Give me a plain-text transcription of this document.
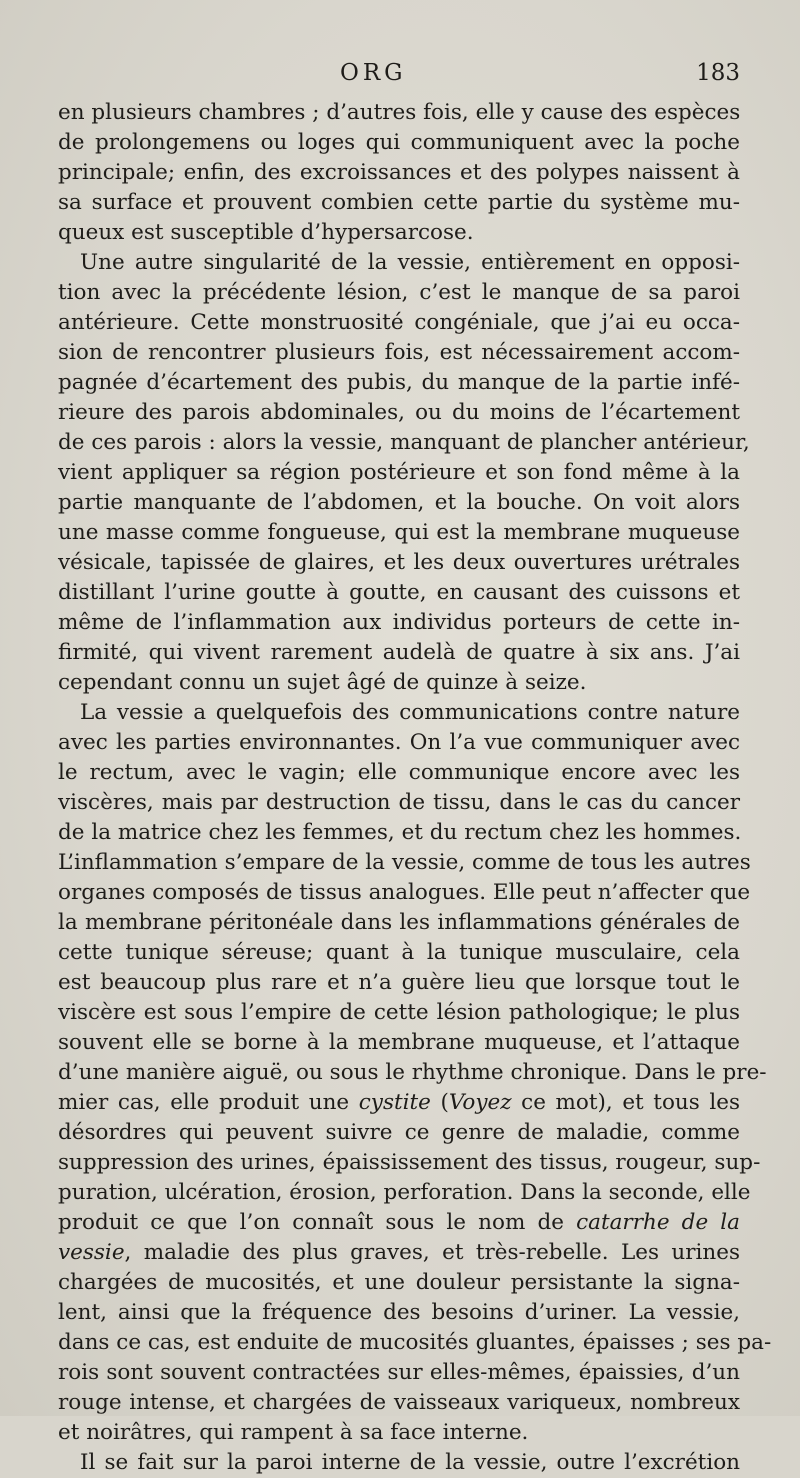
ORG	183
en plusieurs chambres ; d’autres fois, elle y cause des espèces
de prolongemens ou loges qui communiquent avec la poche
principale; enfin, des excroissances et des polypes naissent à
sa surface et prouvent combien cette partie du système mu-
queux est susceptible d’hypersarcose.
Une autre singularité de la vessie, entièrement en opposi-
tion avec la précédente lésion, c’est le manque de sa paroi
antérieure. Cette monstruosité congéniale, que j’ai eu occa-
sion de rencontrer plusieurs fois, est nécessairement accom-
pagnée d’écartement des pubis, du manque de la partie infé-
rieure des parois abdominales, ou du moins de l’écartement
de ces parois : alors la vessie, manquant de plancher antérieur,
vient appliquer sa région postérieure et son fond même à la
partie manquante de l’abdomen, et la bouche. On voit alors
une masse comme fongueuse, qui est la membrane muqueuse
vésicale, tapissée de glaires, et les deux ouvertures urétrales
distillant l’urine goutte à goutte, en causant des cuissons et
même de l’inflammation aux individus porteurs de cette in-
firmité, qui vivent rarement audelà de quatre à six ans. J’ai
cependant connu un sujet âgé de quinze à seize.
La vessie a quelquefois des communications contre nature
avec les parties environnantes. On l’a vue communiquer avec
le rectum, avec le vagin; elle communique encore avec les
viscères, mais par destruction de tissu, dans le cas du cancer
de la matrice chez les femmes, et du rectum chez les hommes.
L’inflammation s’empare de la vessie, comme de tous les autres
organes composés de tissus analogues. Elle peut n’affecter que
la membrane péritonéale dans les inflammations générales de
cette tunique séreuse; quant à la tunique musculaire, cela
est beaucoup plus rare et n’a guère lieu que lorsque tout le
viscère est sous l’empire de cette lésion pathologique; le plus
souvent elle se borne à la membrane muqueuse, et l’attaque
d’une manière aiguë, ou sous le rhythme chronique. Dans le pre-
mier cas, elle produit une cystite (Voyez ce mot), et tous les
désordres qui peuvent suivre ce genre de maladie, comme
suppression des urines, épaississement des tissus, rougeur, sup-
puration, ulcération, érosion, perforation. Dans la seconde, elle
produit ce que l’on connaît sous le nom de catarrhe de la
vessie, maladie des plus graves, et très-rebelle. Les urines
chargées de mucosités, et une douleur persistante la signa-
lent, ainsi que la fréquence des besoins d’uriner. La vessie,
dans ce cas, est enduite de mucosités gluantes, épaisses ; ses pa-
rois sont souvent contractées sur elles-mêmes, épaissies, d’un
rouge intense, et chargées de vaisseaux variqueux, nombreux
et noirâtres, qui rampent à sa face interne.
Il se fait sur la paroi interne de la vessie, outre l’excrétion
